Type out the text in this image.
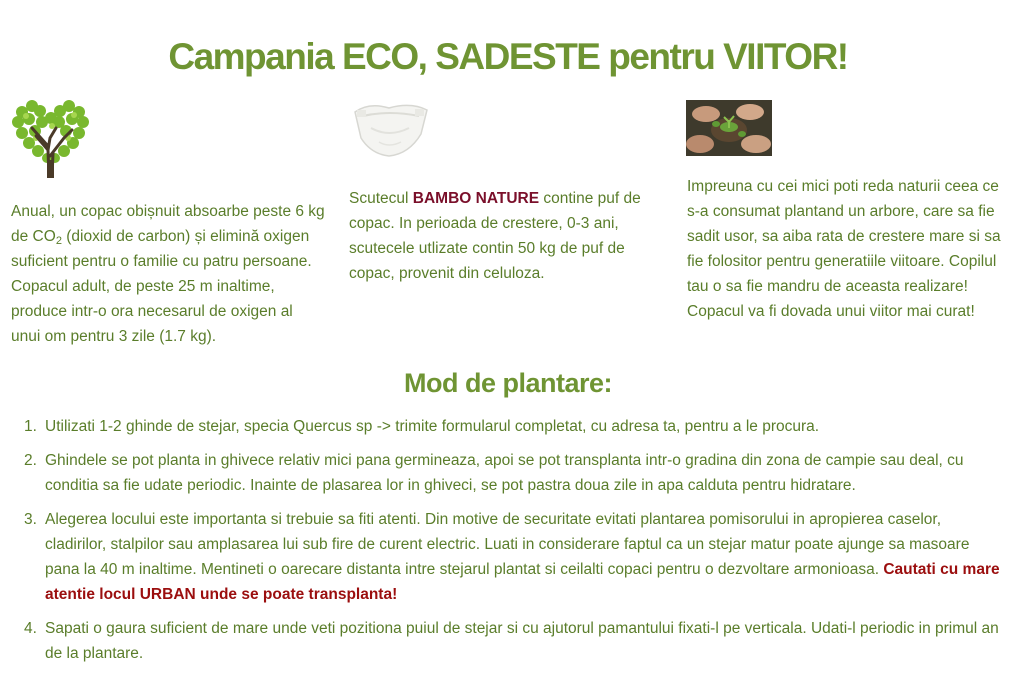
Campania ECO, SADESTE pentru VIITOR!

Anual, un copac obișnuit absoarbe peste 6 kg de $CO_2$ (dioxid de carbon) și elimină oxigen suficient pentru o familie cu patru persoane. Copacul adult, de peste 25 m inaltime, produce intr-o ora necesarul de oxigen al unui om pentru 3 zile (1.7 kg).

Scutecul BAMBO NATURE contine puf de copac. In perioada de crestere, 0-3 ani, scutecele utlizate contin 50 kg de puf de copac, provenit din celuloza.

Impreuna cu cei mici poti reda naturii ceea ce s-a consumat plantand un arbore, care sa fie sadit usor, sa aiba rata de crestere mare si sa fie folositor pentru generatiile viitoare. Copilul tau o sa fie mandru de aceasta realizare! Copacul va fi dovada unui viitor mai curat!

Mod de plantare:
1. Utilizati 1-2 ghinde de stejar, specia Quercus sp -> trimite formularul completat, cu adresa ta, pentru a le procura.
2. Ghindele se pot planta in ghivece relativ mici pana germineaza, apoi se pot transplanta intr-o gradina din zona de campie sau deal, cu conditia sa fie udate periodic. Inainte de plasarea lor in ghiveci, se pot pastra doua zile in apa calduta pentru hidratare.
3. Alegerea locului este importanta si trebuie sa fiti atenti. Din motive de securitate evitati plantarea pomisorului in apropierea caselor, cladirilor, stalpilor sau amplasarea lui sub fire de curent electric. Luati in considerare faptul ca un stejar matur poate ajunge sa masoare pana la 40 m inaltime. Mentineti o oarecare distanta intre stejarul plantat si ceilalti copaci pentru o dezvoltare armonioasa. Cautati cu mare atentie locul URBAN unde se poate transplanta!
4. Sapati o gaura suficient de mare unde veti pozitiona puiul de stejar si cu ajutorul pamantului fixati-l pe verticala. Udati-l periodic in primul an de la plantare.
